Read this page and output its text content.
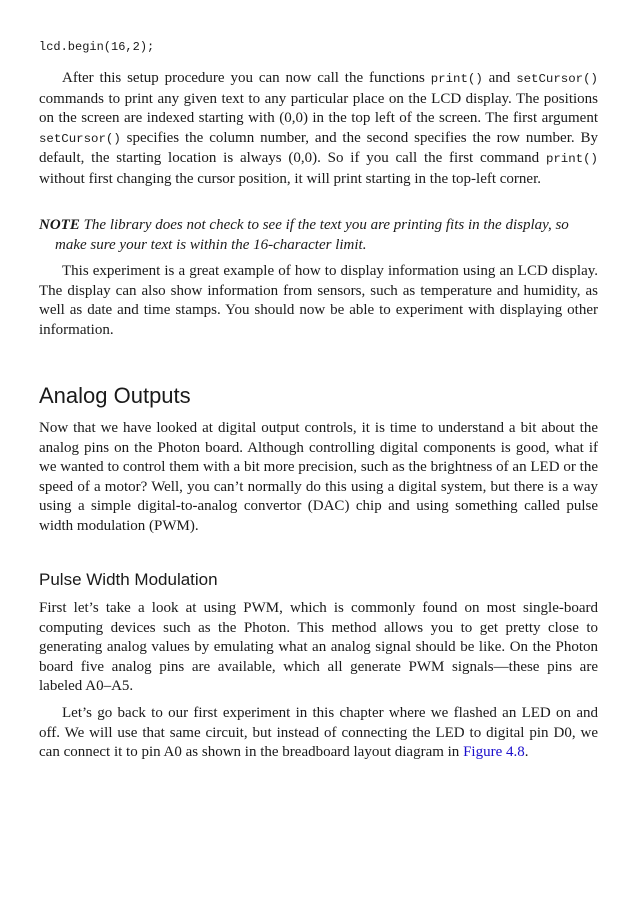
lcd.begin(16,2);

After this setup procedure you can now call the functions print() and setCursor() commands to print any given text to any particular place on the LCD display. The positions on the screen are indexed starting with (0,0) in the top left of the screen. The first argument setCursor() specifies the column number, and the second specifies the row number. By default, the starting location is always (0,0). So if you call the first command print() without first changing the cursor position, it will print starting in the top-left corner.

NOTE The library does not check to see if the text you are printing fits in the display, so make sure your text is within the 16-character limit.

This experiment is a great example of how to display information using an LCD display. The display can also show information from sensors, such as temperature and humidity, as well as date and time stamps. You should now be able to experiment with displaying other information.

Analog Outputs

Now that we have looked at digital output controls, it is time to understand a bit about the analog pins on the Photon board. Although controlling digital components is good, what if we wanted to control them with a bit more precision, such as the brightness of an LED or the speed of a motor? Well, you can’t normally do this using a digital system, but there is a way using a simple digital-to-analog convertor (DAC) chip and using something called pulse width modulation (PWM).

Pulse Width Modulation

First let’s take a look at using PWM, which is commonly found on most single-board computing devices such as the Photon. This method allows you to get pretty close to generating analog values by emulating what an analog signal should be like. On the Photon board five analog pins are available, which all generate PWM signals—these pins are labeled A0–A5.

Let’s go back to our first experiment in this chapter where we flashed an LED on and off. We will use that same circuit, but instead of connecting the LED to digital pin D0, we can connect it to pin A0 as shown in the breadboard layout diagram in Figure 4.8.
